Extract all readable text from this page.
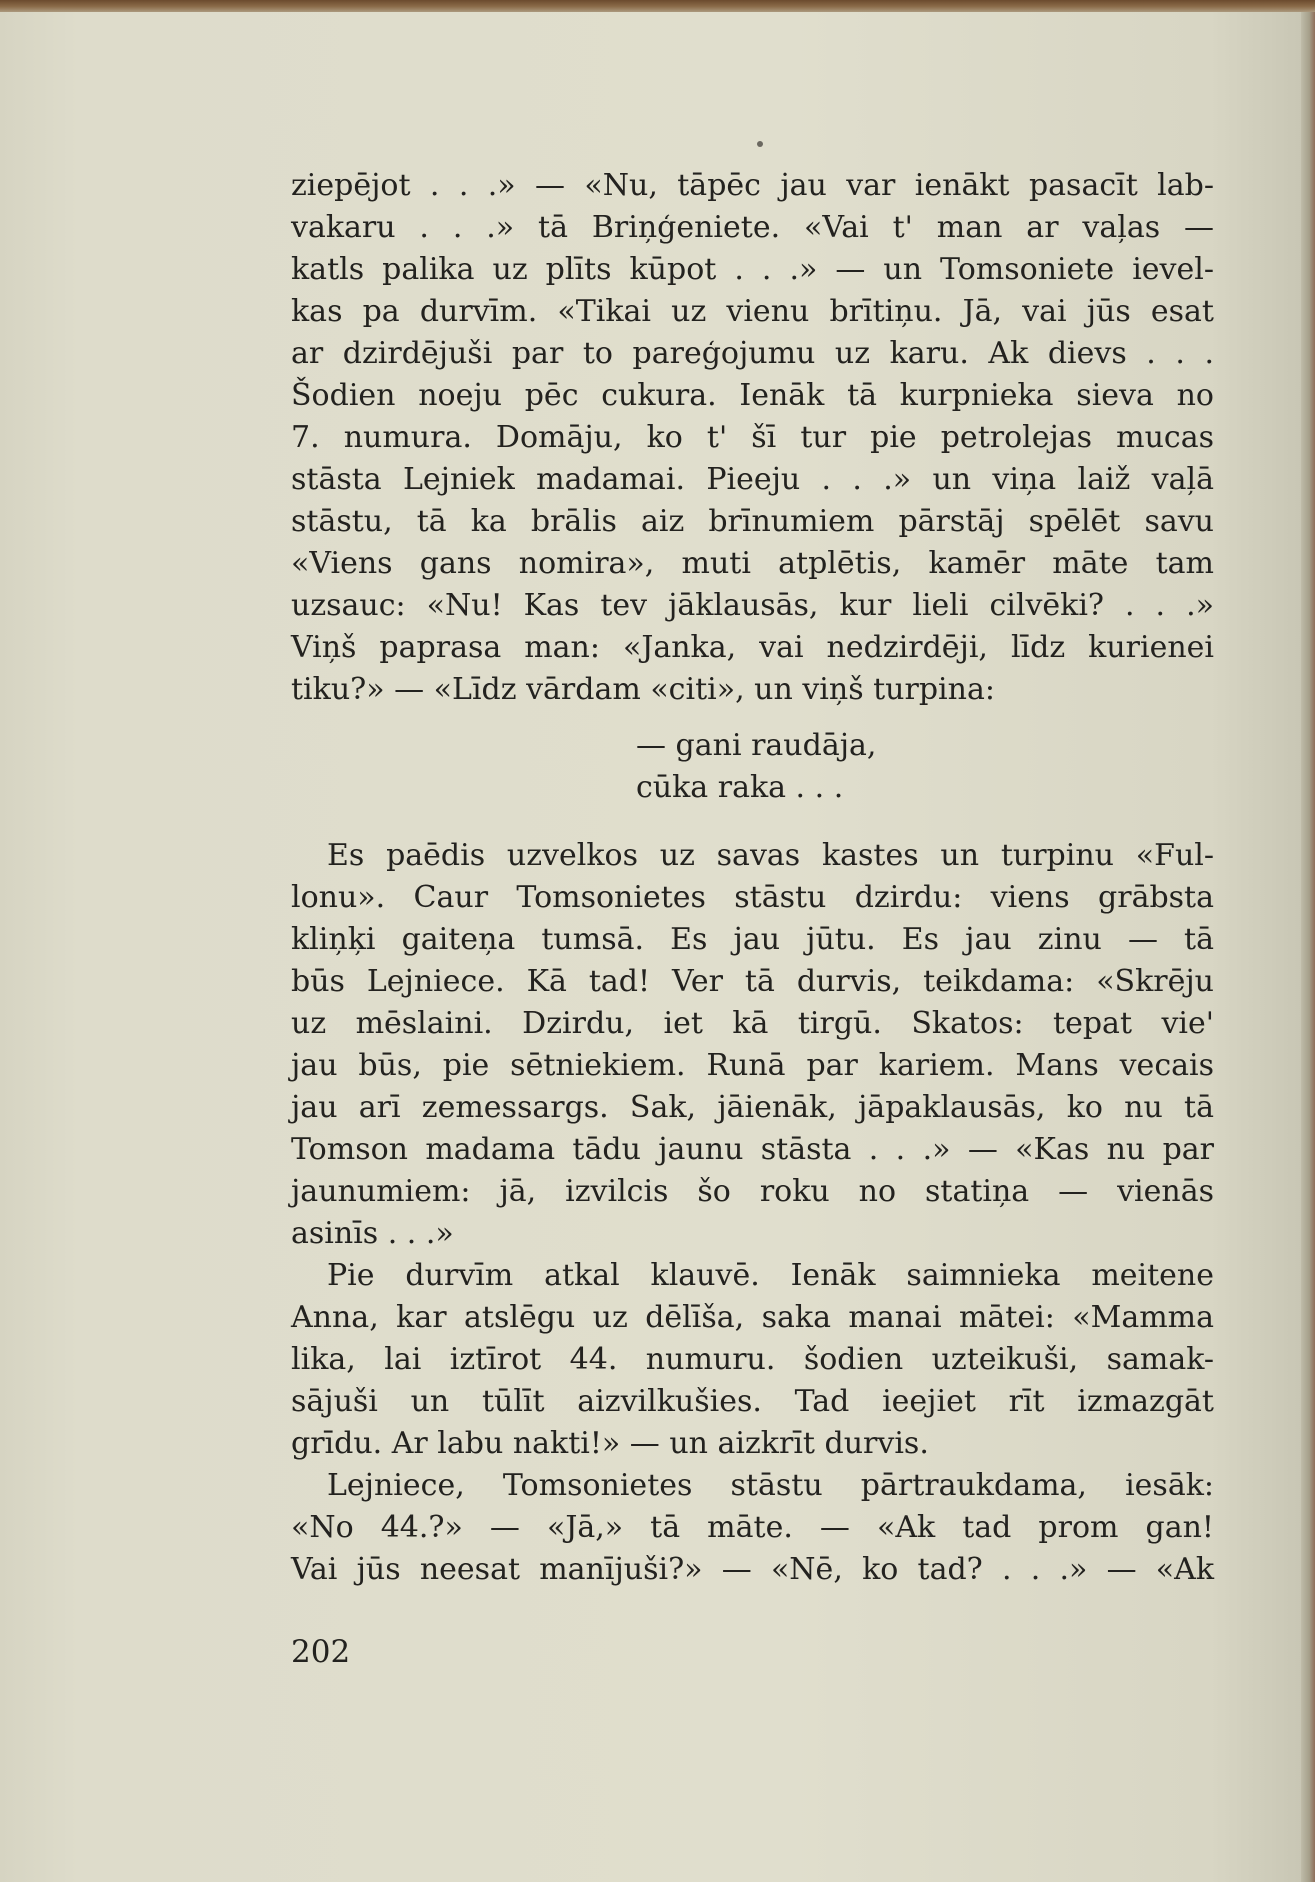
ziepējot . . .» — «Nu, tāpēc jau var ienākt pasacīt lab-
vakaru . . .» tā Briņģeniete. «Vai t' man ar vaļas —
katls palika uz plīts kūpot . . .» — un Tomsoniete ievel-
kas pa durvīm. «Tikai uz vienu brītiņu. Jā, vai jūs esat
ar dzirdējuši par to pareģojumu uz karu. Ak dievs . . .
Šodien noeju pēc cukura. Ienāk tā kurpnieka sieva no
7. numura. Domāju, ko t' šī tur pie petrolejas mucas
stāsta Lejniek madamai. Pieeju . . .» un viņa laiž vaļā
stāstu, tā ka brālis aiz brīnumiem pārstāj spēlēt savu
«Viens gans nomira», muti atplētis, kamēr māte tam
uzsauc: «Nu! Kas tev jāklausās, kur lieli cilvēki? . . .»
Viņš paprasa man: «Janka, vai nedzirdēji, līdz kurienei
tiku?» — «Līdz vārdam «citi», un viņš turpina:
— gani raudāja,
cūka raka . . .
Es paēdis uzvelkos uz savas kastes un turpinu «Ful-
lonu». Caur Tomsonietes stāstu dzirdu: viens grābsta
kliņķi gaiteņa tumsā. Es jau jūtu. Es jau zinu — tā
būs Lejniece. Kā tad! Ver tā durvis, teikdama: «Skrēju
uz mēslaini. Dzirdu, iet kā tirgū. Skatos: tepat vie'
jau būs, pie sētniekiem. Runā par kariem. Mans vecais
jau arī zemessargs. Sak, jāienāk, jāpaklausās, ko nu tā
Tomson madama tādu jaunu stāsta . . .» — «Kas nu par
jaunumiem: jā, izvilcis šo roku no statiņa — vienās
asinīs . . .»
Pie durvīm atkal klauvē. Ienāk saimnieka meitene
Anna, kar atslēgu uz dēlīša, saka manai mātei: «Mamma
lika, lai iztīrot 44. numuru. šodien uzteikuši, samak-
sājuši un tūlīt aizvilkušies. Tad ieejiet rīt izmazgāt
grīdu. Ar labu nakti!» — un aizkrīt durvis.
Lejniece, Tomsonietes stāstu pārtraukdama, iesāk:
«No 44.?» — «Jā,» tā māte. — «Ak tad prom gan!
Vai jūs neesat manījuši?» — «Nē, ko tad? . . .» — «Ak
202
